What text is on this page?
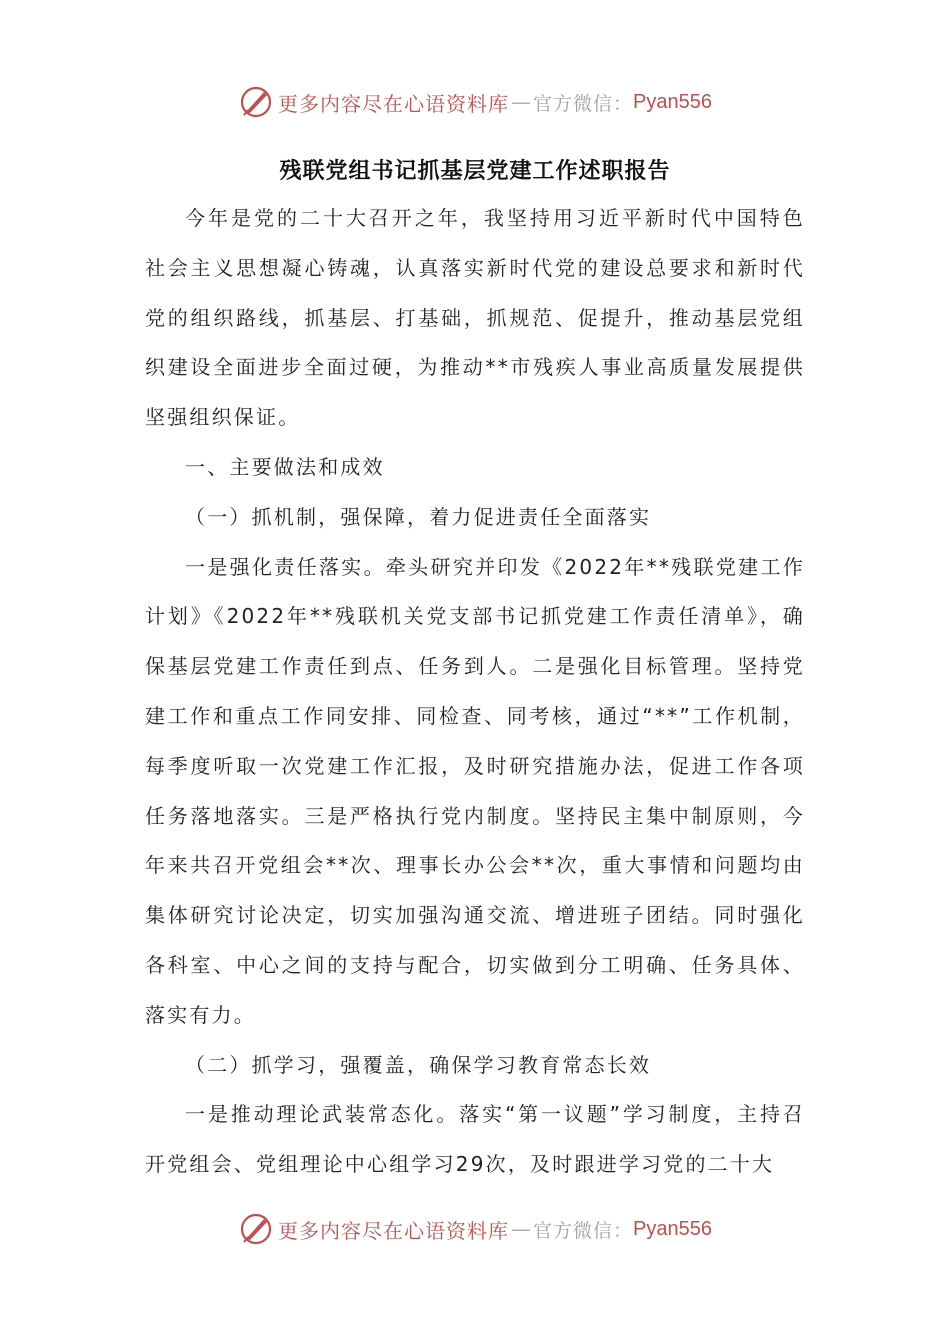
更多内容尽在心语资料库 — 官方微信： Pyan556
残联党组书记抓基层党建工作述职报告

今年是党的二十大召开之年，我坚持用习近平新时代中国特色社会主义思想凝心铸魂，认真落实新时代党的建设总要求和新时代党的组织路线，抓基层、打基础，抓规范、促提升，推动基层党组织建设全面进步全面过硬，为推动**市残疾人事业高质量发展提供坚强组织保证。

一、主要做法和成效

（一）抓机制，强保障，着力促进责任全面落实

一是强化责任落实。牵头研究并印发《2022年**残联党建工作计划》《2022年**残联机关党支部书记抓党建工作责任清单》，确保基层党建工作责任到点、任务到人。二是强化目标管理。坚持党建工作和重点工作同安排、同检查、同考核，通过“**”工作机制，每季度听取一次党建工作汇报，及时研究措施办法，促进工作各项任务落地落实。三是严格执行党内制度。坚持民主集中制原则，今年来共召开党组会**次、理事长办公会**次，重大事情和问题均由集体研究讨论决定，切实加强沟通交流、增进班子团结。同时强化各科室、中心之间的支持与配合，切实做到分工明确、任务具体、落实有力。

（二）抓学习，强覆盖，确保学习教育常态长效

一是推动理论武装常态化。落实“第一议题”学习制度，主持召开党组会、党组理论中心组学习29次，及时跟进学习党的二十大

更多内容尽在心语资料库 — 官方微信： Pyan556
